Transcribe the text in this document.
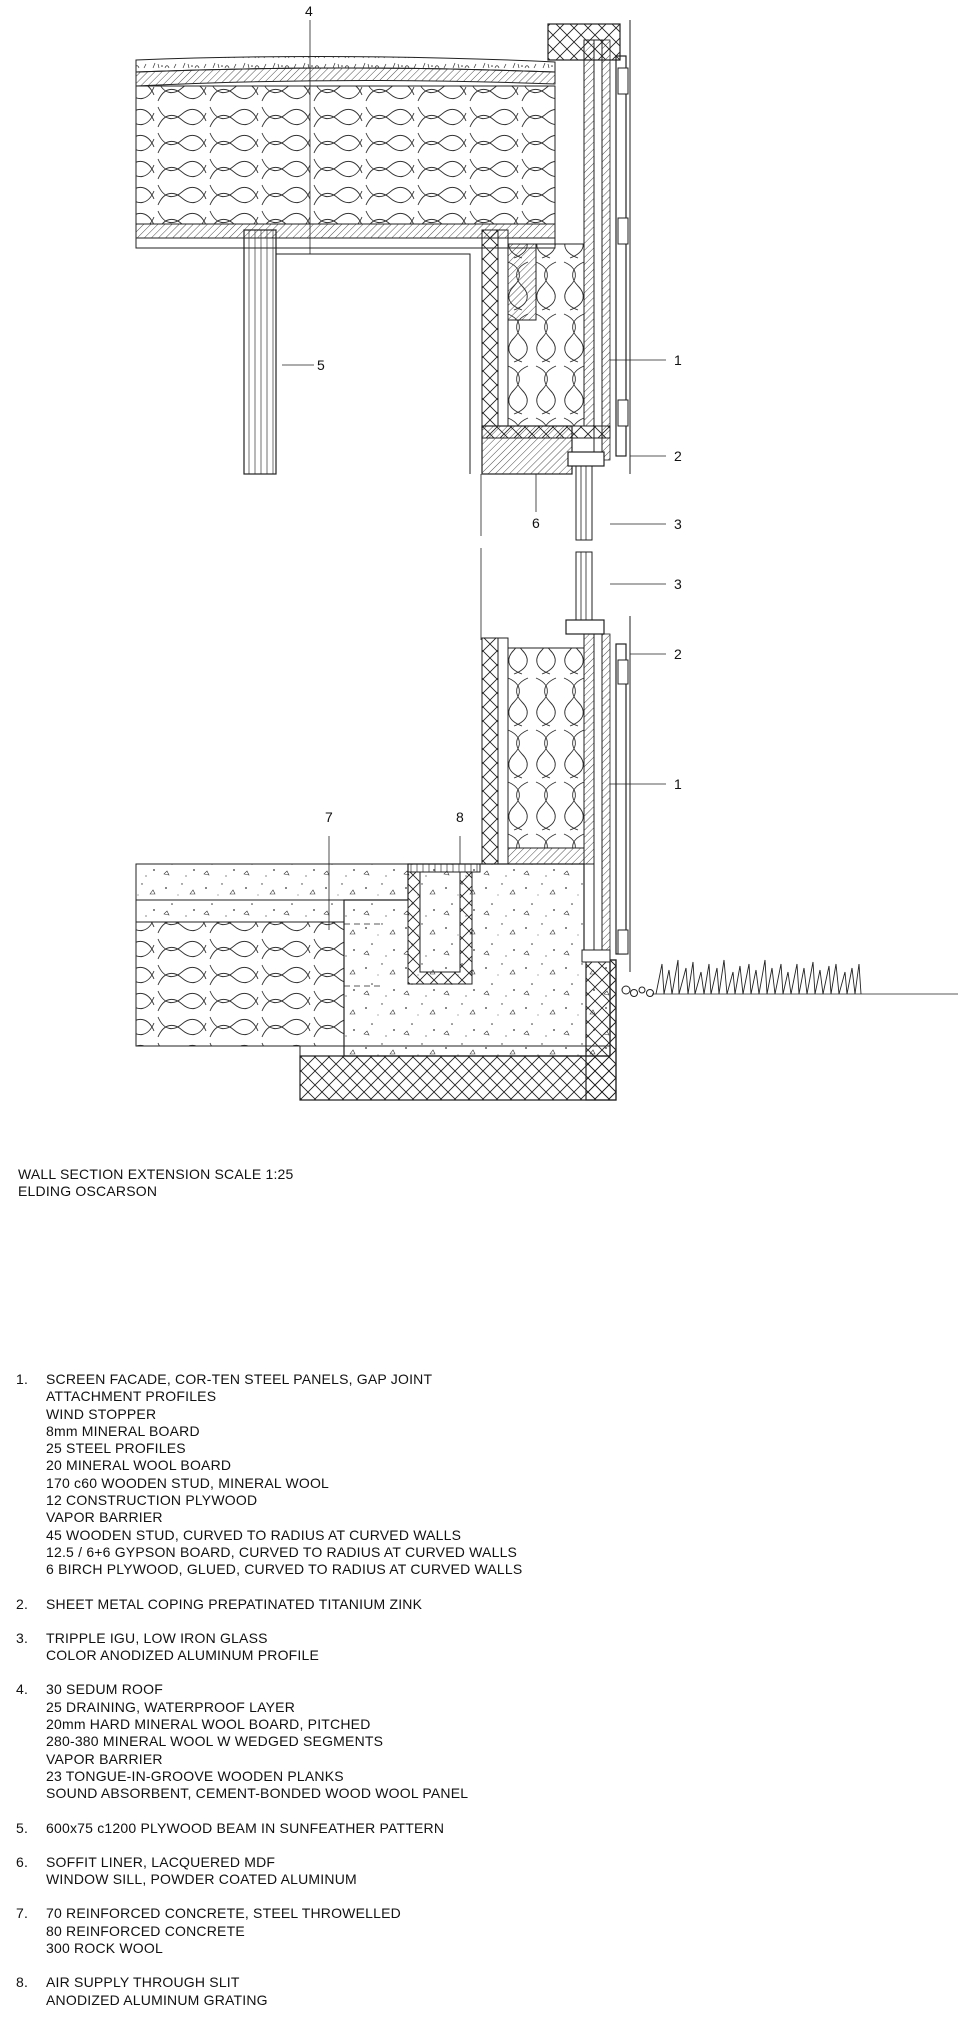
4
5	1
2
6	3
3
2
1
7	8
WALL SECTION EXTENSION SCALE 1:25
ELDING OSCARSON
1.	SCREEN FACADE, COR-TEN STEEL PANELS, GAP JOINT
ATTACHMENT PROFILES
WIND STOPPER
8mm MINERAL BOARD
25 STEEL PROFILES
20 MINERAL WOOL BOARD
170 c60 WOODEN STUD, MINERAL WOOL
12 CONSTRUCTION PLYWOOD
VAPOR BARRIER
45 WOODEN STUD, CURVED TO RADIUS AT CURVED WALLS
12.5 / 6+6 GYPSON BOARD, CURVED TO RADIUS AT CURVED WALLS
6 BIRCH PLYWOOD, GLUED, CURVED TO RADIUS AT CURVED WALLS
2.	SHEET METAL COPING PREPATINATED TITANIUM ZINK
3.	TRIPPLE IGU, LOW IRON GLASS
COLOR ANODIZED ALUMINUM PROFILE
4.	30 SEDUM ROOF
25 DRAINING, WATERPROOF LAYER
20mm HARD MINERAL WOOL BOARD, PITCHED
280-380 MINERAL WOOL W WEDGED SEGMENTS
VAPOR BARRIER
23 TONGUE-IN-GROOVE WOODEN PLANKS
SOUND ABSORBENT, CEMENT-BONDED WOOD WOOL PANEL
5.	600x75 c1200 PLYWOOD BEAM IN SUNFEATHER PATTERN
6.	SOFFIT LINER, LACQUERED MDF
WINDOW SILL, POWDER COATED ALUMINUM
7.	70 REINFORCED CONCRETE, STEEL THROWELLED
80 REINFORCED CONCRETE
300 ROCK WOOL
8.	AIR SUPPLY THROUGH SLIT
ANODIZED ALUMINUM GRATING
